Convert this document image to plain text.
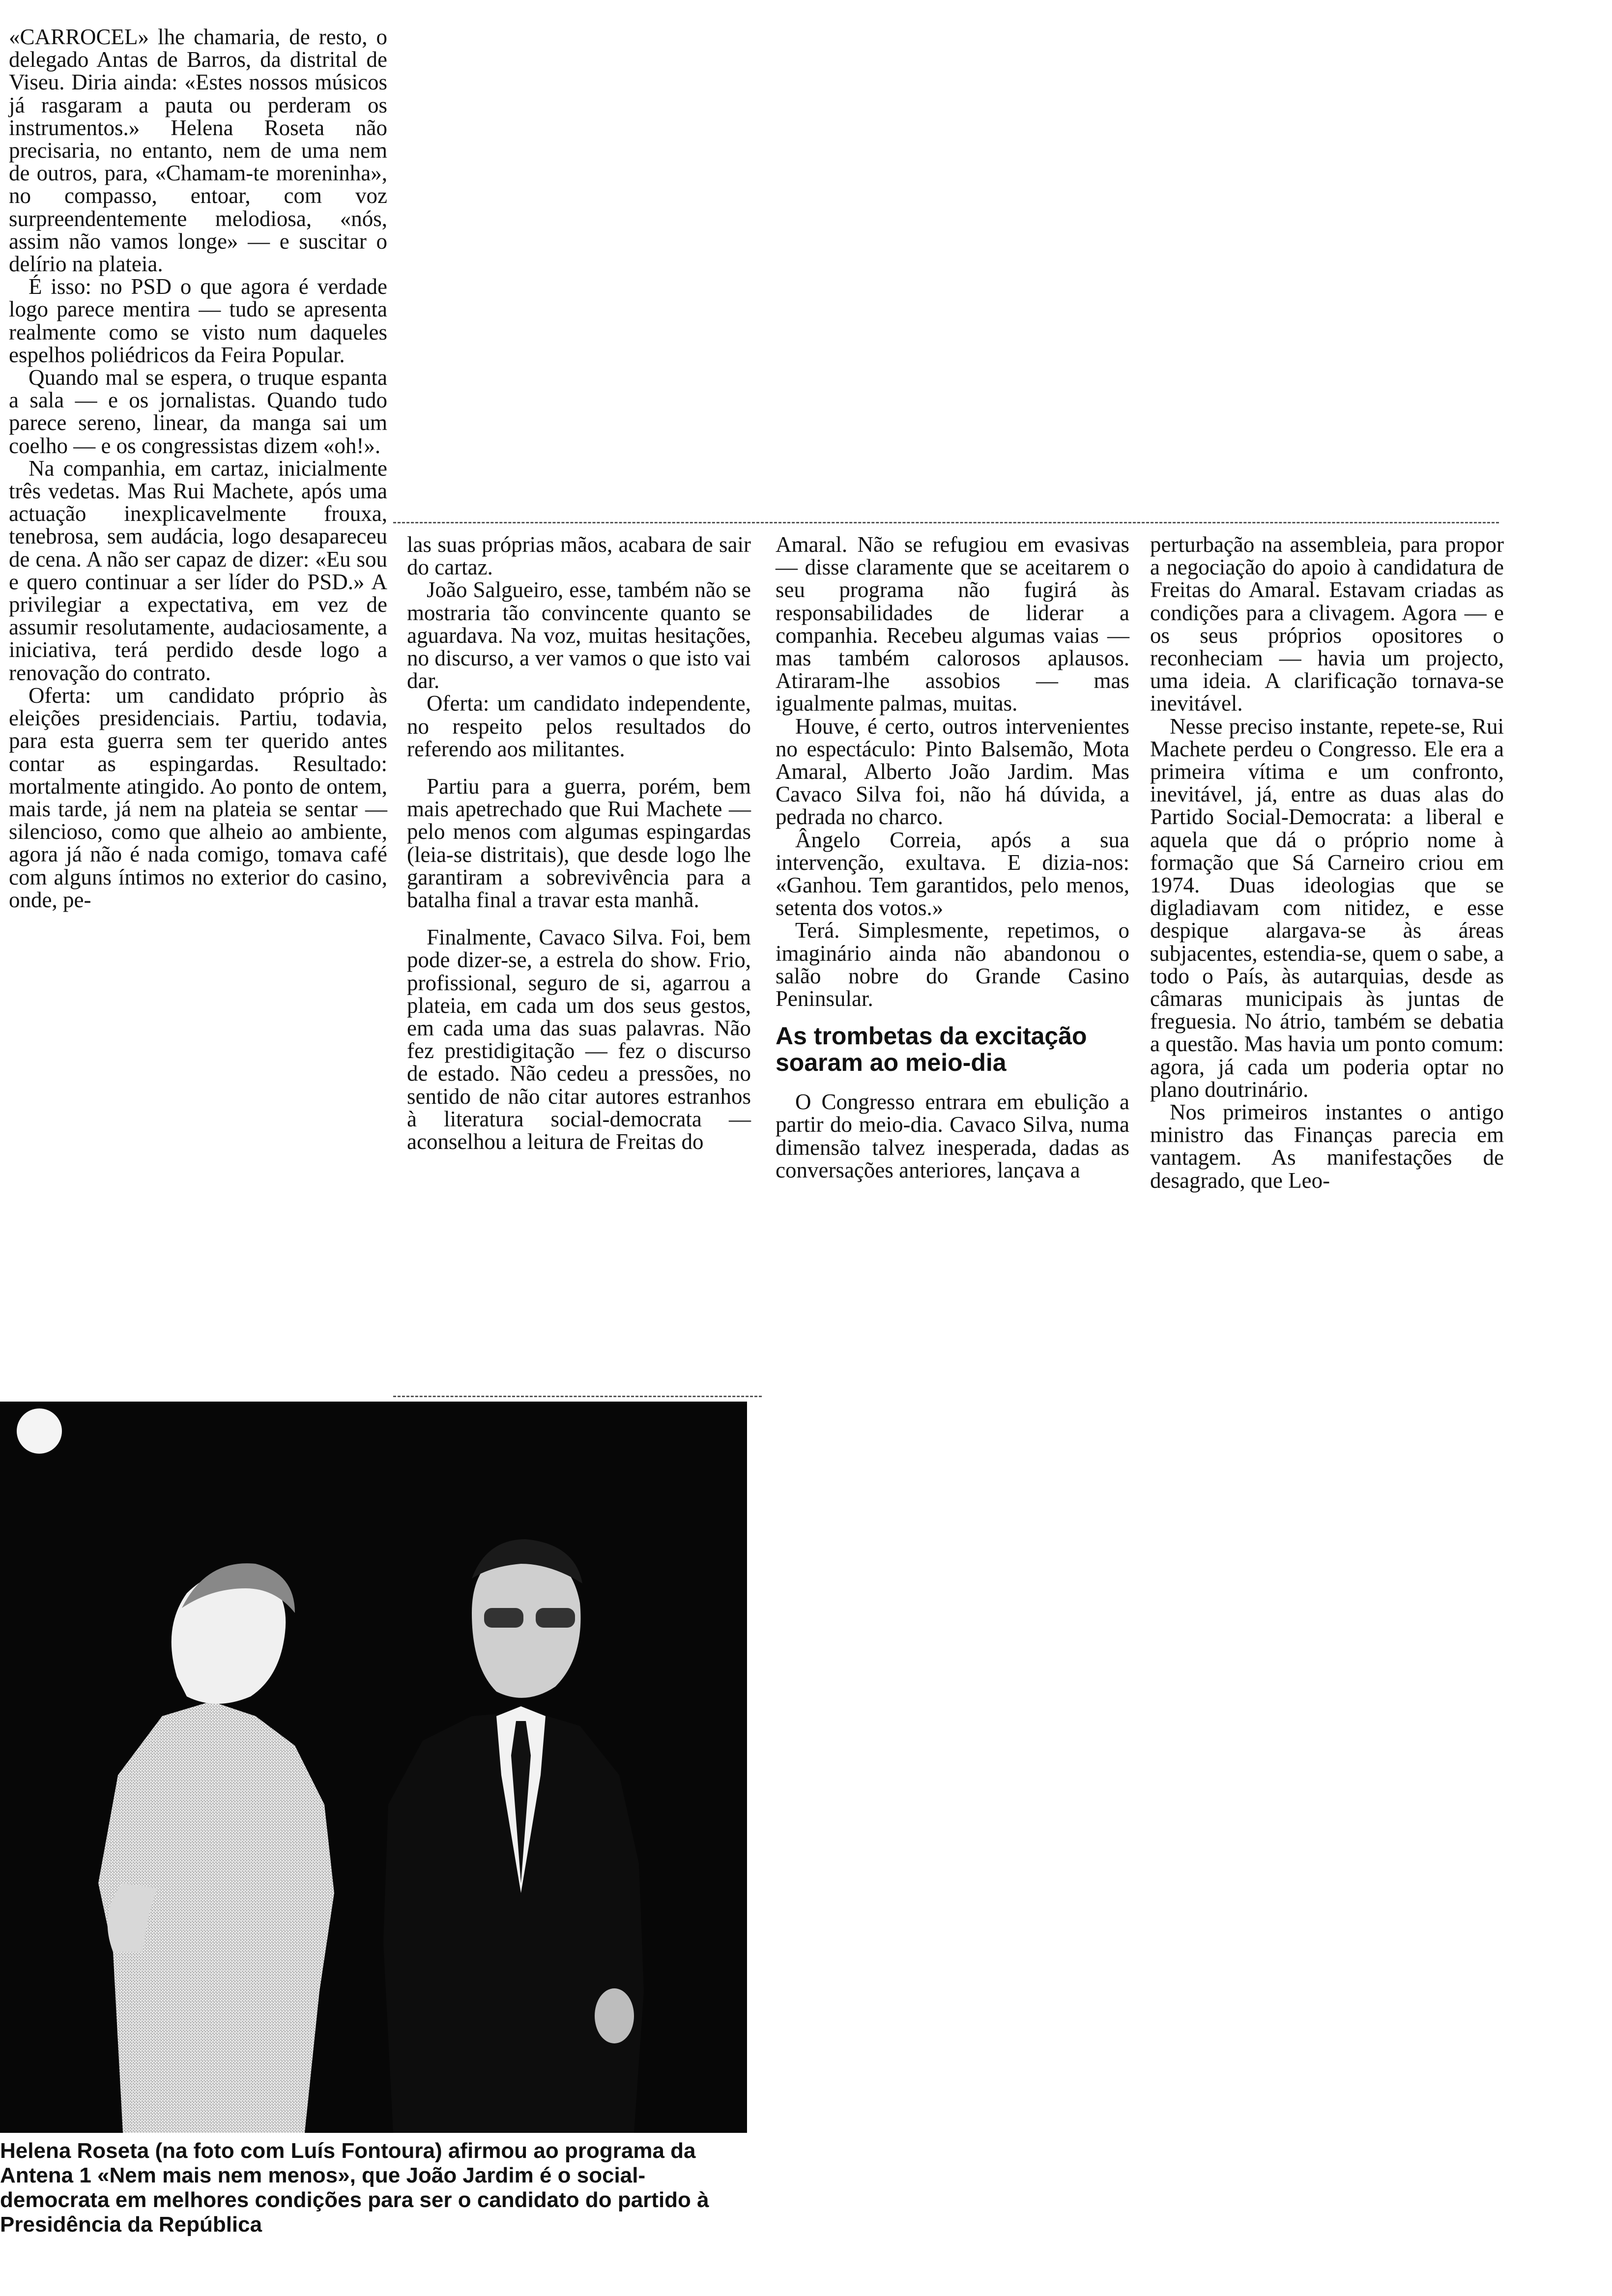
«CARROCEL» lhe chamaria, de resto, o delegado Antas de Barros, da distrital de Viseu. Diria ainda: «Estes nossos músicos já rasgaram a pauta ou perderam os instrumentos.» Helena Roseta não precisaria, no entanto, nem de uma nem de outros, para, «Chamam-te moreninha», no compasso, entoar, com voz surpreendentemente melodiosa, «nós, assim não vamos longe» — e suscitar o delírio na plateia.

É isso: no PSD o que agora é verdade logo parece mentira — tudo se apresenta realmente como se visto num daqueles espelhos poliédricos da Feira Popular.

Quando mal se espera, o truque espanta a sala — e os jornalistas. Quando tudo parece sereno, linear, da manga sai um coelho — e os congressistas dizem «oh!».

Na companhia, em cartaz, inicialmente três vedetas. Mas Rui Machete, após uma actuação inexplicavelmente frouxa, tenebrosa, sem audácia, logo desapareceu de cena. A não ser capaz de dizer: «Eu sou e quero continuar a ser líder do PSD.» A privilegiar a expectativa, em vez de assumir resolutamente, audaciosamente, a iniciativa, terá perdido desde logo a renovação do contrato.

Oferta: um candidato próprio às eleições presidenciais. Partiu, todavia, para esta guerra sem ter querido antes contar as espingardas. Resultado: mortalmente atingido. Ao ponto de ontem, mais tarde, já nem na plateia se sentar — silencioso, como que alheio ao ambiente, agora já não é nada comigo, tomava café com alguns íntimos no exterior do casino, onde, pe-

las suas próprias mãos, acabara de sair do cartaz.

João Salgueiro, esse, também não se mostraria tão convincente quanto se aguardava. Na voz, muitas hesitações, no discurso, a ver vamos o que isto vai dar.

Oferta: um candidato independente, no respeito pelos resultados do referendo aos militantes.

Partiu para a guerra, porém, bem mais apetrechado que Rui Machete — pelo menos com algumas espingardas (leia-se distritais), que desde logo lhe garantiram a sobrevivência para a batalha final a travar esta manhã.

Finalmente, Cavaco Silva. Foi, bem pode dizer-se, a estrela do show. Frio, profissional, seguro de si, agarrou a plateia, em cada um dos seus gestos, em cada uma das suas palavras. Não fez prestidigitação — fez o discurso de estado. Não cedeu a pressões, no sentido de não citar autores estranhos à literatura social-democrata — aconselhou a leitura de Freitas do

Amaral. Não se refugiou em evasivas — disse claramente que se aceitarem o seu programa não fugirá às responsabilidades de liderar a companhia. Recebeu algumas vaias — mas também calorosos aplausos. Atiraram-lhe assobios — mas igualmente palmas, muitas.

Houve, é certo, outros intervenientes no espectáculo: Pinto Balsemão, Mota Amaral, Alberto João Jardim. Mas Cavaco Silva foi, não há dúvida, a pedrada no charco.

Ângelo Correia, após a sua intervenção, exultava. E dizia-nos: «Ganhou. Tem garantidos, pelo menos, setenta dos votos.»

Terá. Simplesmente, repetimos, o imaginário ainda não abandonou o salão nobre do Grande Casino Peninsular.

As trombetas da excitação soaram ao meio-dia

O Congresso entrara em ebulição a partir do meio-dia. Cavaco Silva, numa dimensão talvez inesperada, dadas as conversações anteriores, lançava a

perturbação na assembleia, para propor a negociação do apoio à candidatura de Freitas do Amaral. Estavam criadas as condições para a clivagem. Agora — e os seus próprios opositores o reconheciam — havia um projecto, uma ideia. A clarificação tornava-se inevitável.

Nesse preciso instante, repete-se, Rui Machete perdeu o Congresso. Ele era a primeira vítima e um confronto, inevitável, já, entre as duas alas do Partido Social-Democrata: a liberal e aquela que dá o próprio nome à formação que Sá Carneiro criou em 1974. Duas ideologias que se digladiavam com nitidez, e esse despique alargava-se às áreas subjacentes, estendia-se, quem o sabe, a todo o País, às autarquias, desde as câmaras municipais às juntas de freguesia. No átrio, também se debatia a questão. Mas havia um ponto comum: agora, já cada um poderia optar no plano doutrinário.

Nos primeiros instantes o antigo ministro das Finanças parecia em vantagem. As manifestações de desagrado, que Leo-

Helena Roseta (na foto com Luís Fontoura) afirmou ao programa da Antena 1 «Nem mais nem menos», que João Jardim é o social-democrata em melhores condições para ser o candidato do partido à Presidência da República
